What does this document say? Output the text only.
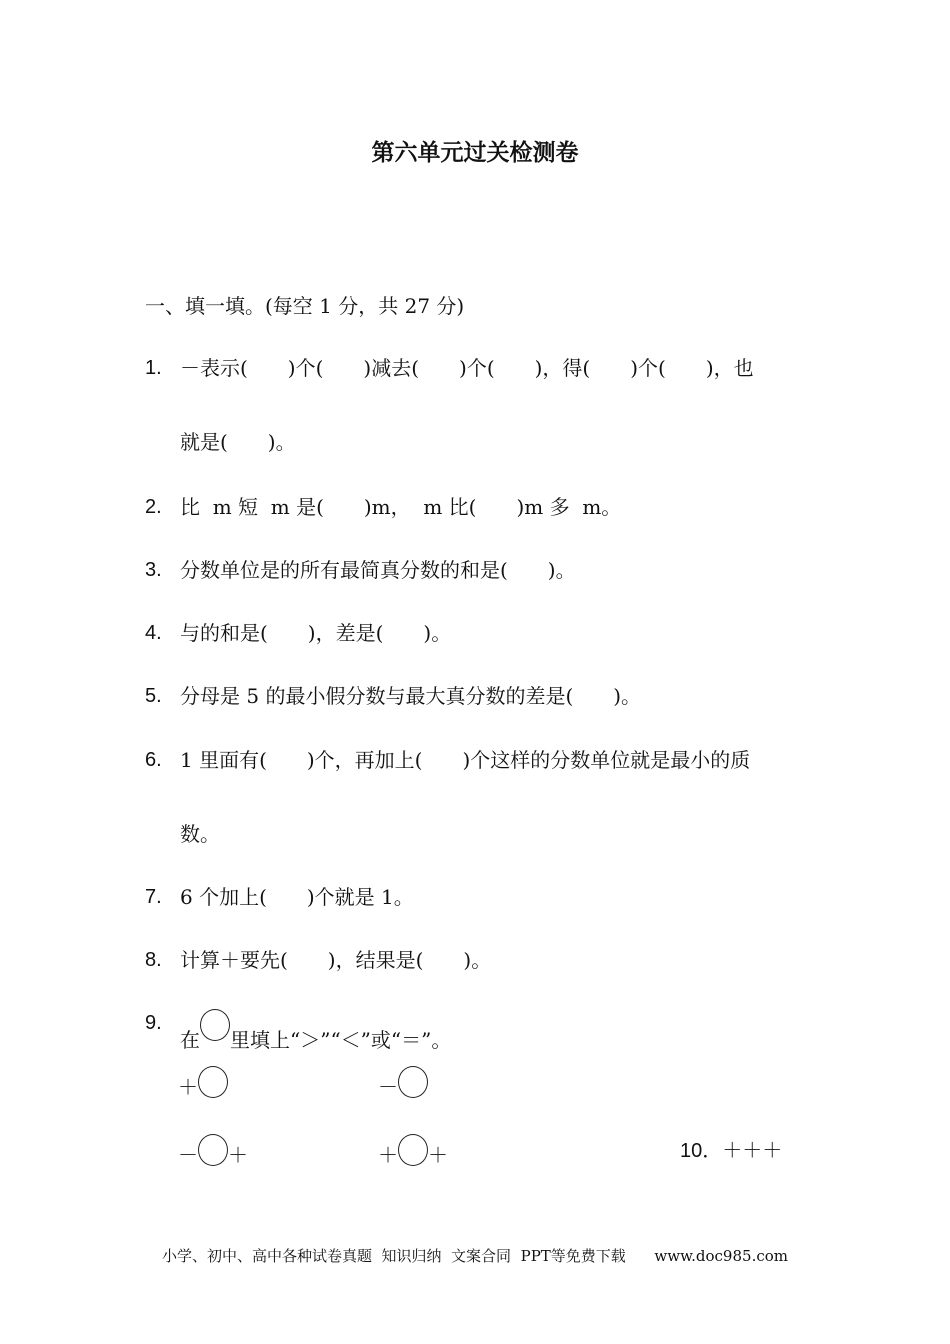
第六单元过关检测卷
一、填一填。(每空 1 分，共 27 分)
1. －表示(　　)个(　　)减去(　　)个(　　)，得(　　)个(　　)，也
就是(　　)。
2. 比  m 短  m 是(　　)m，  m 比(　　)m 多  m。
3. 分数单位是的所有最简真分数的和是(　　)。
4. 与的和是(　　)，差是(　　)。
5. 分母是 5 的最小假分数与最大真分数的差是(　　)。
6. 1 里面有(　　)个，再加上(　　)个这样的分数单位就是最小的质
数。
7. 6 个加上(　　)个就是 1。
8. 计算＋要先(　　)，结果是(　　)。
9.
在 里填上“＞”“＜”或“＝”。
＋	－
－ ＋	＋ ＋	10．＋＋＋
小学、初中、高中各种试卷真题  知识归纳  文案合同  PPT等免费下载      www.doc985.com
